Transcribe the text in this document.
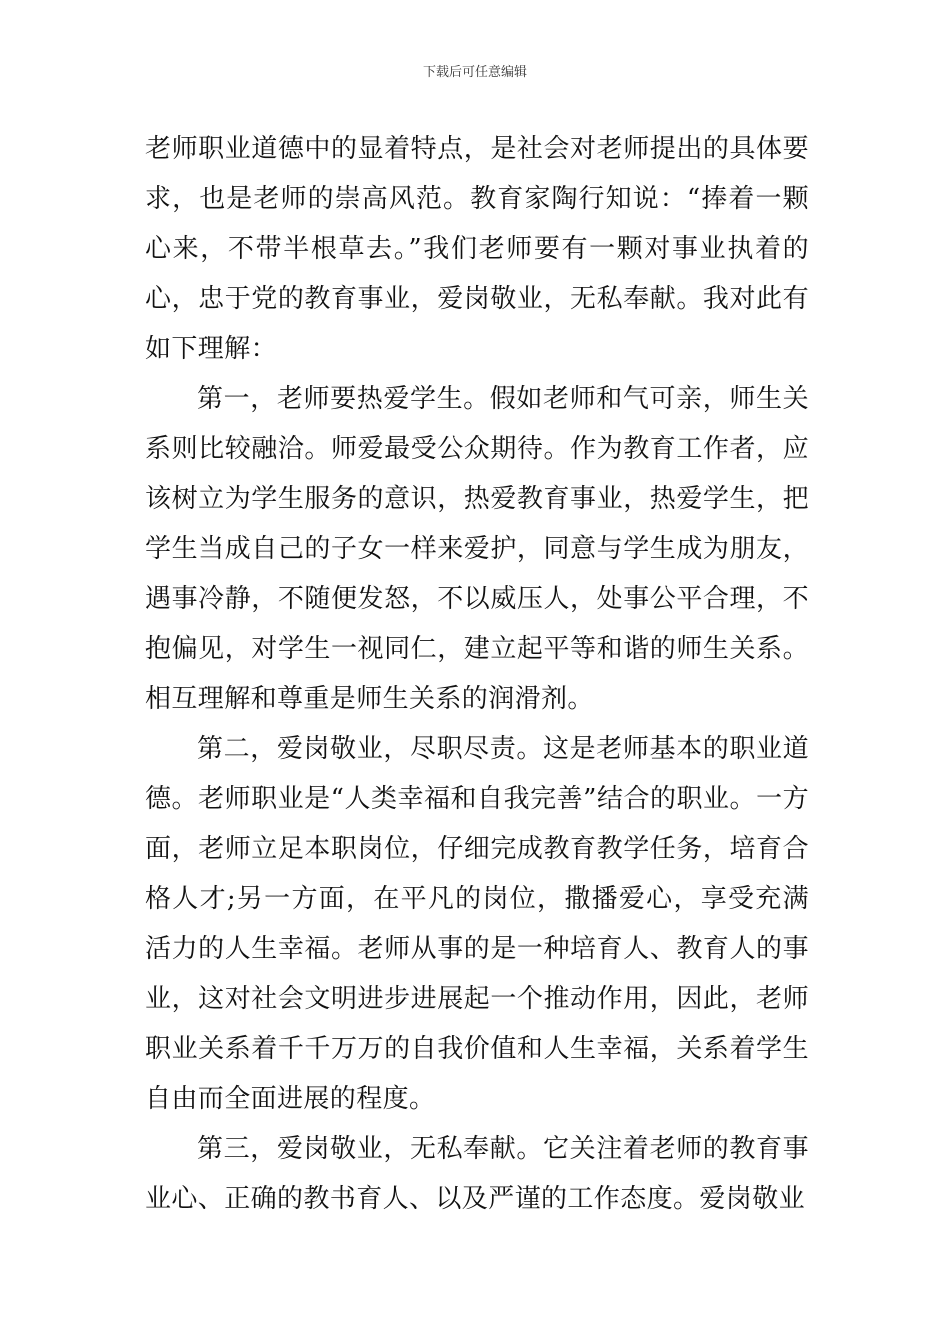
下载后可任意编辑

老师职业道德中的显着特点，是社会对老师提出的具体要求，也是老师的崇高风范。教育家陶行知说：“捧着一颗心来，不带半根草去。”我们老师要有一颗对事业执着的心，忠于党的教育事业，爱岗敬业，无私奉献。我对此有如下理解：

第一，老师要热爱学生。假如老师和气可亲，师生关系则比较融洽。师爱最受公众期待。作为教育工作者，应该树立为学生服务的意识，热爱教育事业，热爱学生，把学生当成自己的子女一样来爱护，同意与学生成为朋友，遇事冷静，不随便发怒，不以威压人，处事公平合理，不抱偏见，对学生一视同仁，建立起平等和谐的师生关系。相互理解和尊重是师生关系的润滑剂。

第二，爱岗敬业，尽职尽责。这是老师基本的职业道德。老师职业是“人类幸福和自我完善”结合的职业。一方面，老师立足本职岗位，仔细完成教育教学任务，培育合格人才;另一方面，在平凡的岗位，撒播爱心，享受充满活力的人生幸福。老师从事的是一种培育人、教育人的事业，这对社会文明进步进展起一个推动作用，因此，老师职业关系着千千万万的自我价值和人生幸福，关系着学生自由而全面进展的程度。

第三，爱岗敬业，无私奉献。它关注着老师的教育事业心、正确的教书育人、以及严谨的工作态度。爱岗敬业
